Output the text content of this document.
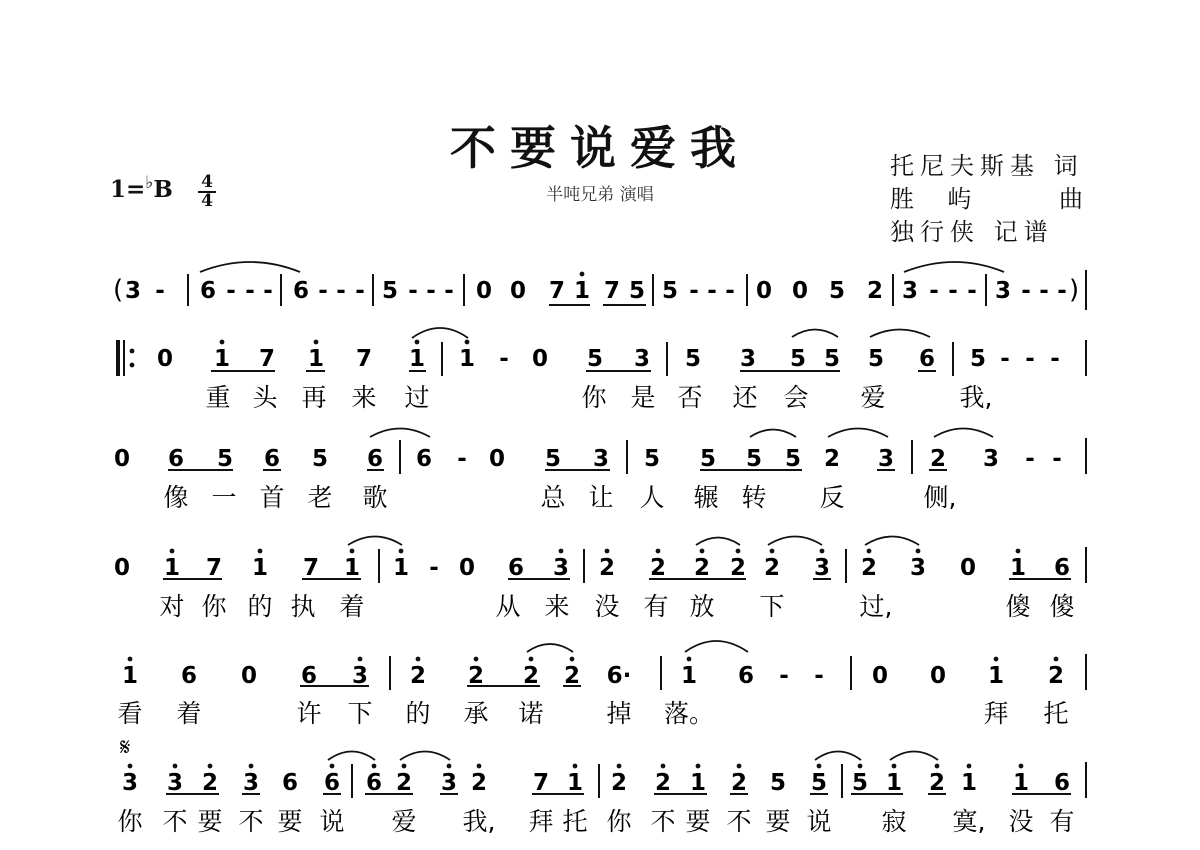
不要说爱我
半吨兄弟 演唱
托尼夫斯基 词
胜  屿      曲
独行侠 记谱
1=♭B 4
4
(	)
3 - 6 - - - 6 - - - 5 - - - 0 0 7 1 7 5 5 - - - 0 0 5 2 3 - - - 3 - - -
0 1 7 1 7 1 1 - 0 5 3 5 3 5 5 5 6 5 - - -
0 6 5 6 5 6 6 - 0 5 3 5 5 5 5 2 3 2 3 - -
0 1 7 1 7 1 1 - 0 6 3 2 2 2 2 2 3 2 3 0 1 6
1 6 0 6 3 2 2 2 2 6· 1 6 - - 0 0 1 2
3 3 2 3 6 6 6 2 3 2 7 1 2 2 1 2 5 5 5 1 2 1 1 6
重 头 再 来 过	你 是 否 还 会 爱	我,
像 一 首 老 歌	总 让 人 辗 转 反	侧,
对 你 的 执 着	从 来 没 有 放 下	过,	傻 傻
看 着	许 下 的 承 诺	掉 落。	拜 托
你 不 要 不 要 说 爱 我, 拜 托 你 不 要 不 要 说 寂 寞, 没 有
𝄋
